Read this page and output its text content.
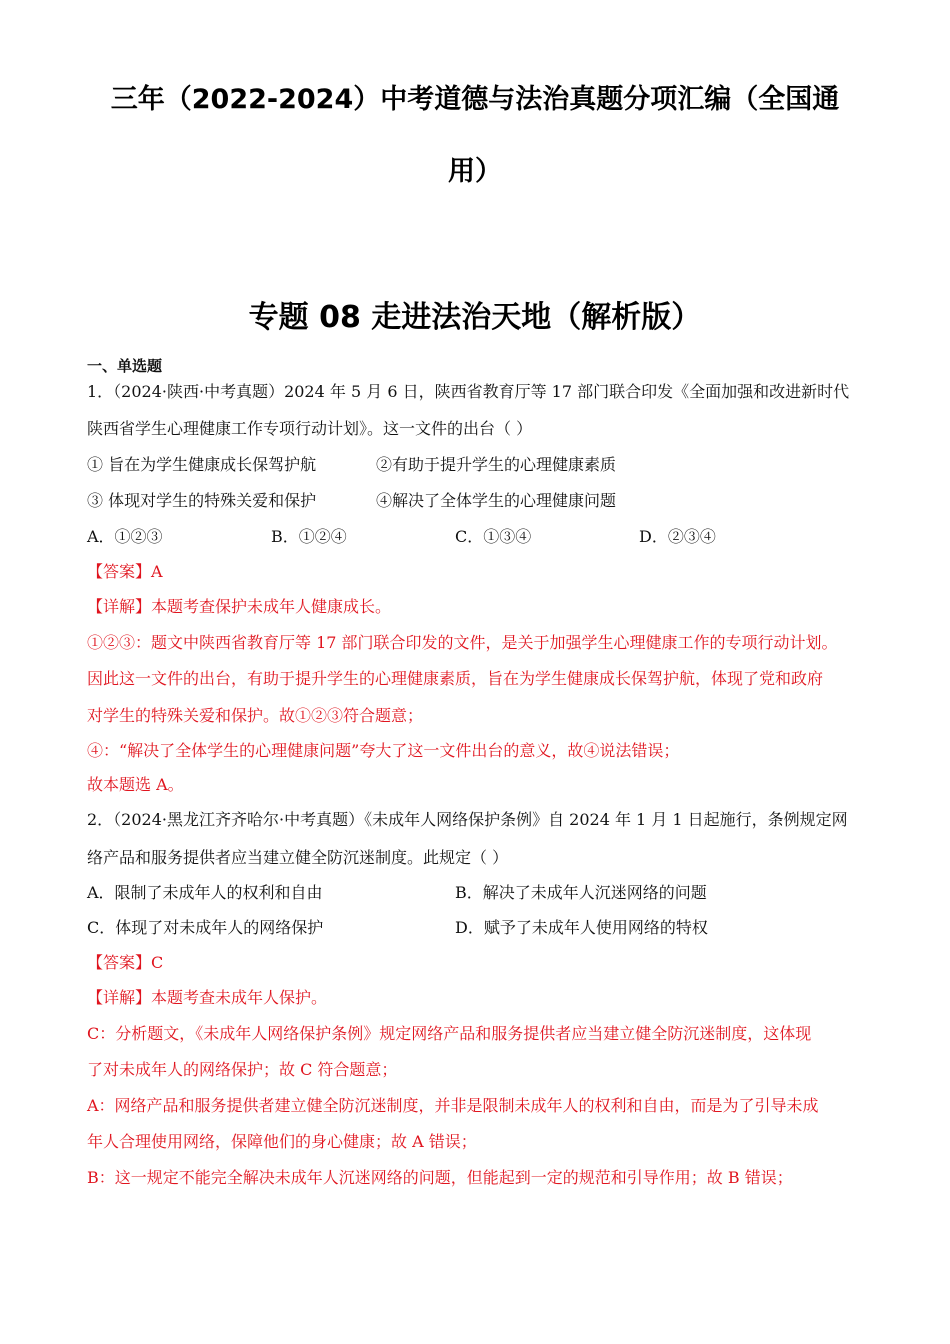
三年（2022-2024）中考道德与法治真题分项汇编（全国通
用）
专题 08 走进法治天地（解析版）
一、单选题
1．（2024·陕西·中考真题）2024 年 5 月 6 日，陕西省教育厅等 17 部门联合印发《全面加强和改进新时代
陕西省学生心理健康工作专项行动计划》。这一文件的出台（ ）
① 旨在为学生健康成长保驾护航	②有助于提升学生的心理健康素质
③ 体现对学生的特殊关爱和保护	④解决了全体学生的心理健康问题
A．①②③	B．①②④	C．①③④	D．②③④
【答案】A
【详解】本题考查保护未成年人健康成长。
①②③：题文中陕西省教育厅等 17 部门联合印发的文件，是关于加强学生心理健康工作的专项行动计划。
因此这一文件的出台，有助于提升学生的心理健康素质，旨在为学生健康成长保驾护航，体现了党和政府
对学生的特殊关爱和保护。故①②③符合题意；
④：“解决了全体学生的心理健康问题”夸大了这一文件出台的意义，故④说法错误；
故本题选 A。
2．（2024·黑龙江齐齐哈尔·中考真题）《未成年人网络保护条例》自 2024 年 1 月 1 日起施行，条例规定网
络产品和服务提供者应当建立健全防沉迷制度。此规定（ ）
A．限制了未成年人的权利和自由	B．解决了未成年人沉迷网络的问题
C．体现了对未成年人的网络保护	D．赋予了未成年人使用网络的特权
【答案】C
【详解】本题考查未成年人保护。
C：分析题文，《未成年人网络保护条例》规定网络产品和服务提供者应当建立健全防沉迷制度，这体现
了对未成年人的网络保护；故 C 符合题意；
A：网络产品和服务提供者建立健全防沉迷制度，并非是限制未成年人的权利和自由，而是为了引导未成
年人合理使用网络，保障他们的身心健康；故 A 错误；
B：这一规定不能完全解决未成年人沉迷网络的问题，但能起到一定的规范和引导作用；故 B 错误；
